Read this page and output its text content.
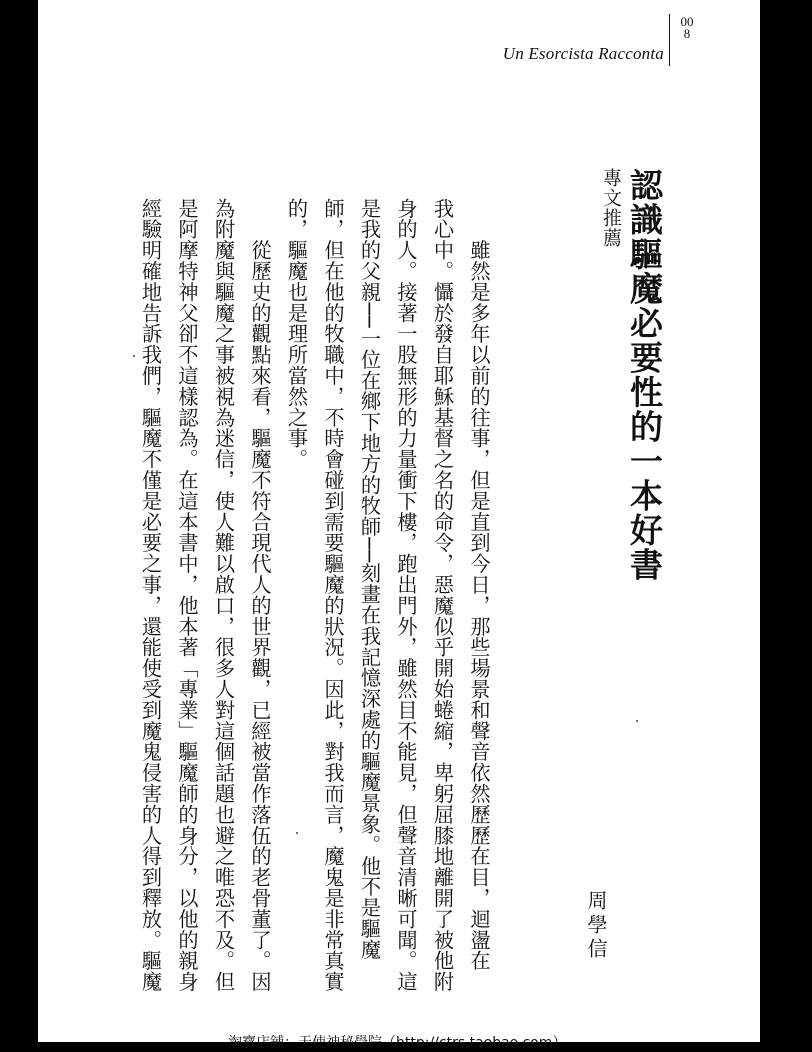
Un Esorcista Racconta
008
認識驅魔必要性的一本好書
專文推薦
周學信

　　雖然是多年以前的往事，但是直到今日，那些場景和聲音依然歷歷在目，迴盪在

我心中。懾於發自耶穌基督之名的命令，惡魔似乎開始蜷縮，卑躬屈膝地離開了被他附

身的人。接著一股無形的力量衝下樓，跑出門外，雖然目不能見，但聲音清晰可聞。這

是我的父親──一位在鄉下地方的牧師──刻畫在我記憶深處的驅魔景象。他不是驅魔

師，但在他的牧職中，不時會碰到需要驅魔的狀況。因此，對我而言，魔鬼是非常真實

的，驅魔也是理所當然之事。

　　從歷史的觀點來看，驅魔不符合現代人的世界觀，已經被當作落伍的老骨董了。因

為附魔與驅魔之事被視為迷信，使人難以啟口，很多人對這個話題也避之唯恐不及。但

是阿摩特神父卻不這樣認為。在這本書中，他本著「專業」驅魔師的身分，以他的親身

經驗明確地告訴我們，驅魔不僅是必要之事，還能使受到魔鬼侵害的人得到釋放。驅魔

淘寶店鋪：天使神秘學院（http://ctrs.taobao.com）
